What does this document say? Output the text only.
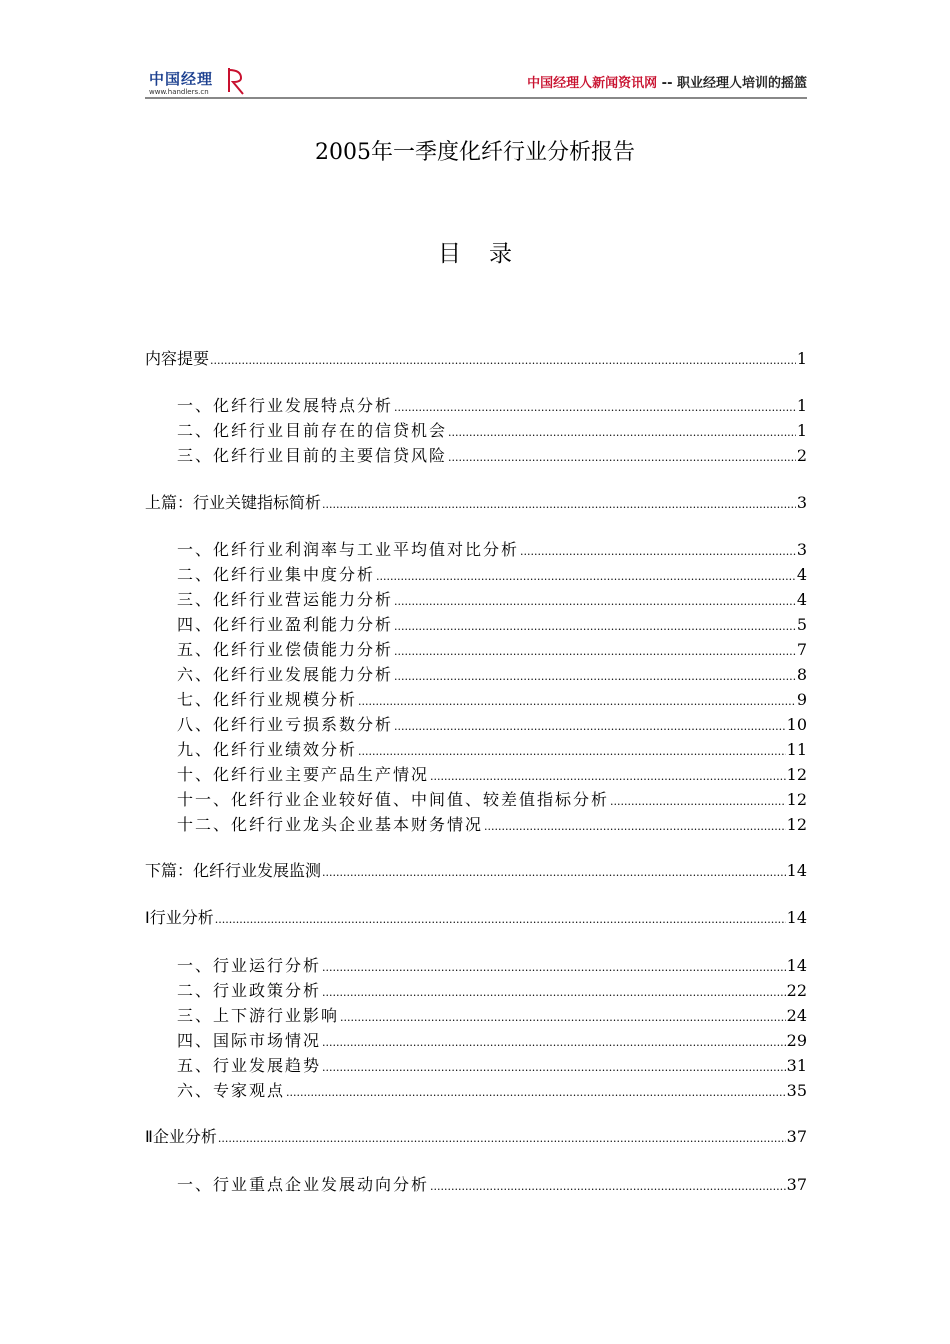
中国经理
www.handlers.cn
中国经理人新闻资讯网 -- 职业经理人培训的摇篮
2005年一季度化纤行业分析报告
目录
内容提要 .....	1
一、化纤行业发展特点分析 .....	1
二、化纤行业目前存在的信贷机会 .....	1
三、化纤行业目前的主要信贷风险 .....	2
上篇：行业关键指标简析 .....	3
一、化纤行业利润率与工业平均值对比分析 .....	3
二、化纤行业集中度分析 .....	4
三、化纤行业营运能力分析 .....	4
四、化纤行业盈利能力分析 .....	5
五、化纤行业偿债能力分析 .....	7
六、化纤行业发展能力分析 .....	8
七、化纤行业规模分析 .....	9
八、化纤行业亏损系数分析 .....	10
九、化纤行业绩效分析 .....	11
十、化纤行业主要产品生产情况 .....	12
十一、化纤行业企业较好值、中间值、较差值指标分析 .....	12
十二、化纤行业龙头企业基本财务情况 .....	12
下篇：化纤行业发展监测 .....	14
Ⅰ行业分析 .....	14
一、行业运行分析 .....	14
二、行业政策分析 .....	22
三、上下游行业影响 .....	24
四、国际市场情况 .....	29
五、行业发展趋势 .....	31
六、专家观点 .....	35
Ⅱ企业分析 .....	37
一、行业重点企业发展动向分析 .....	37
